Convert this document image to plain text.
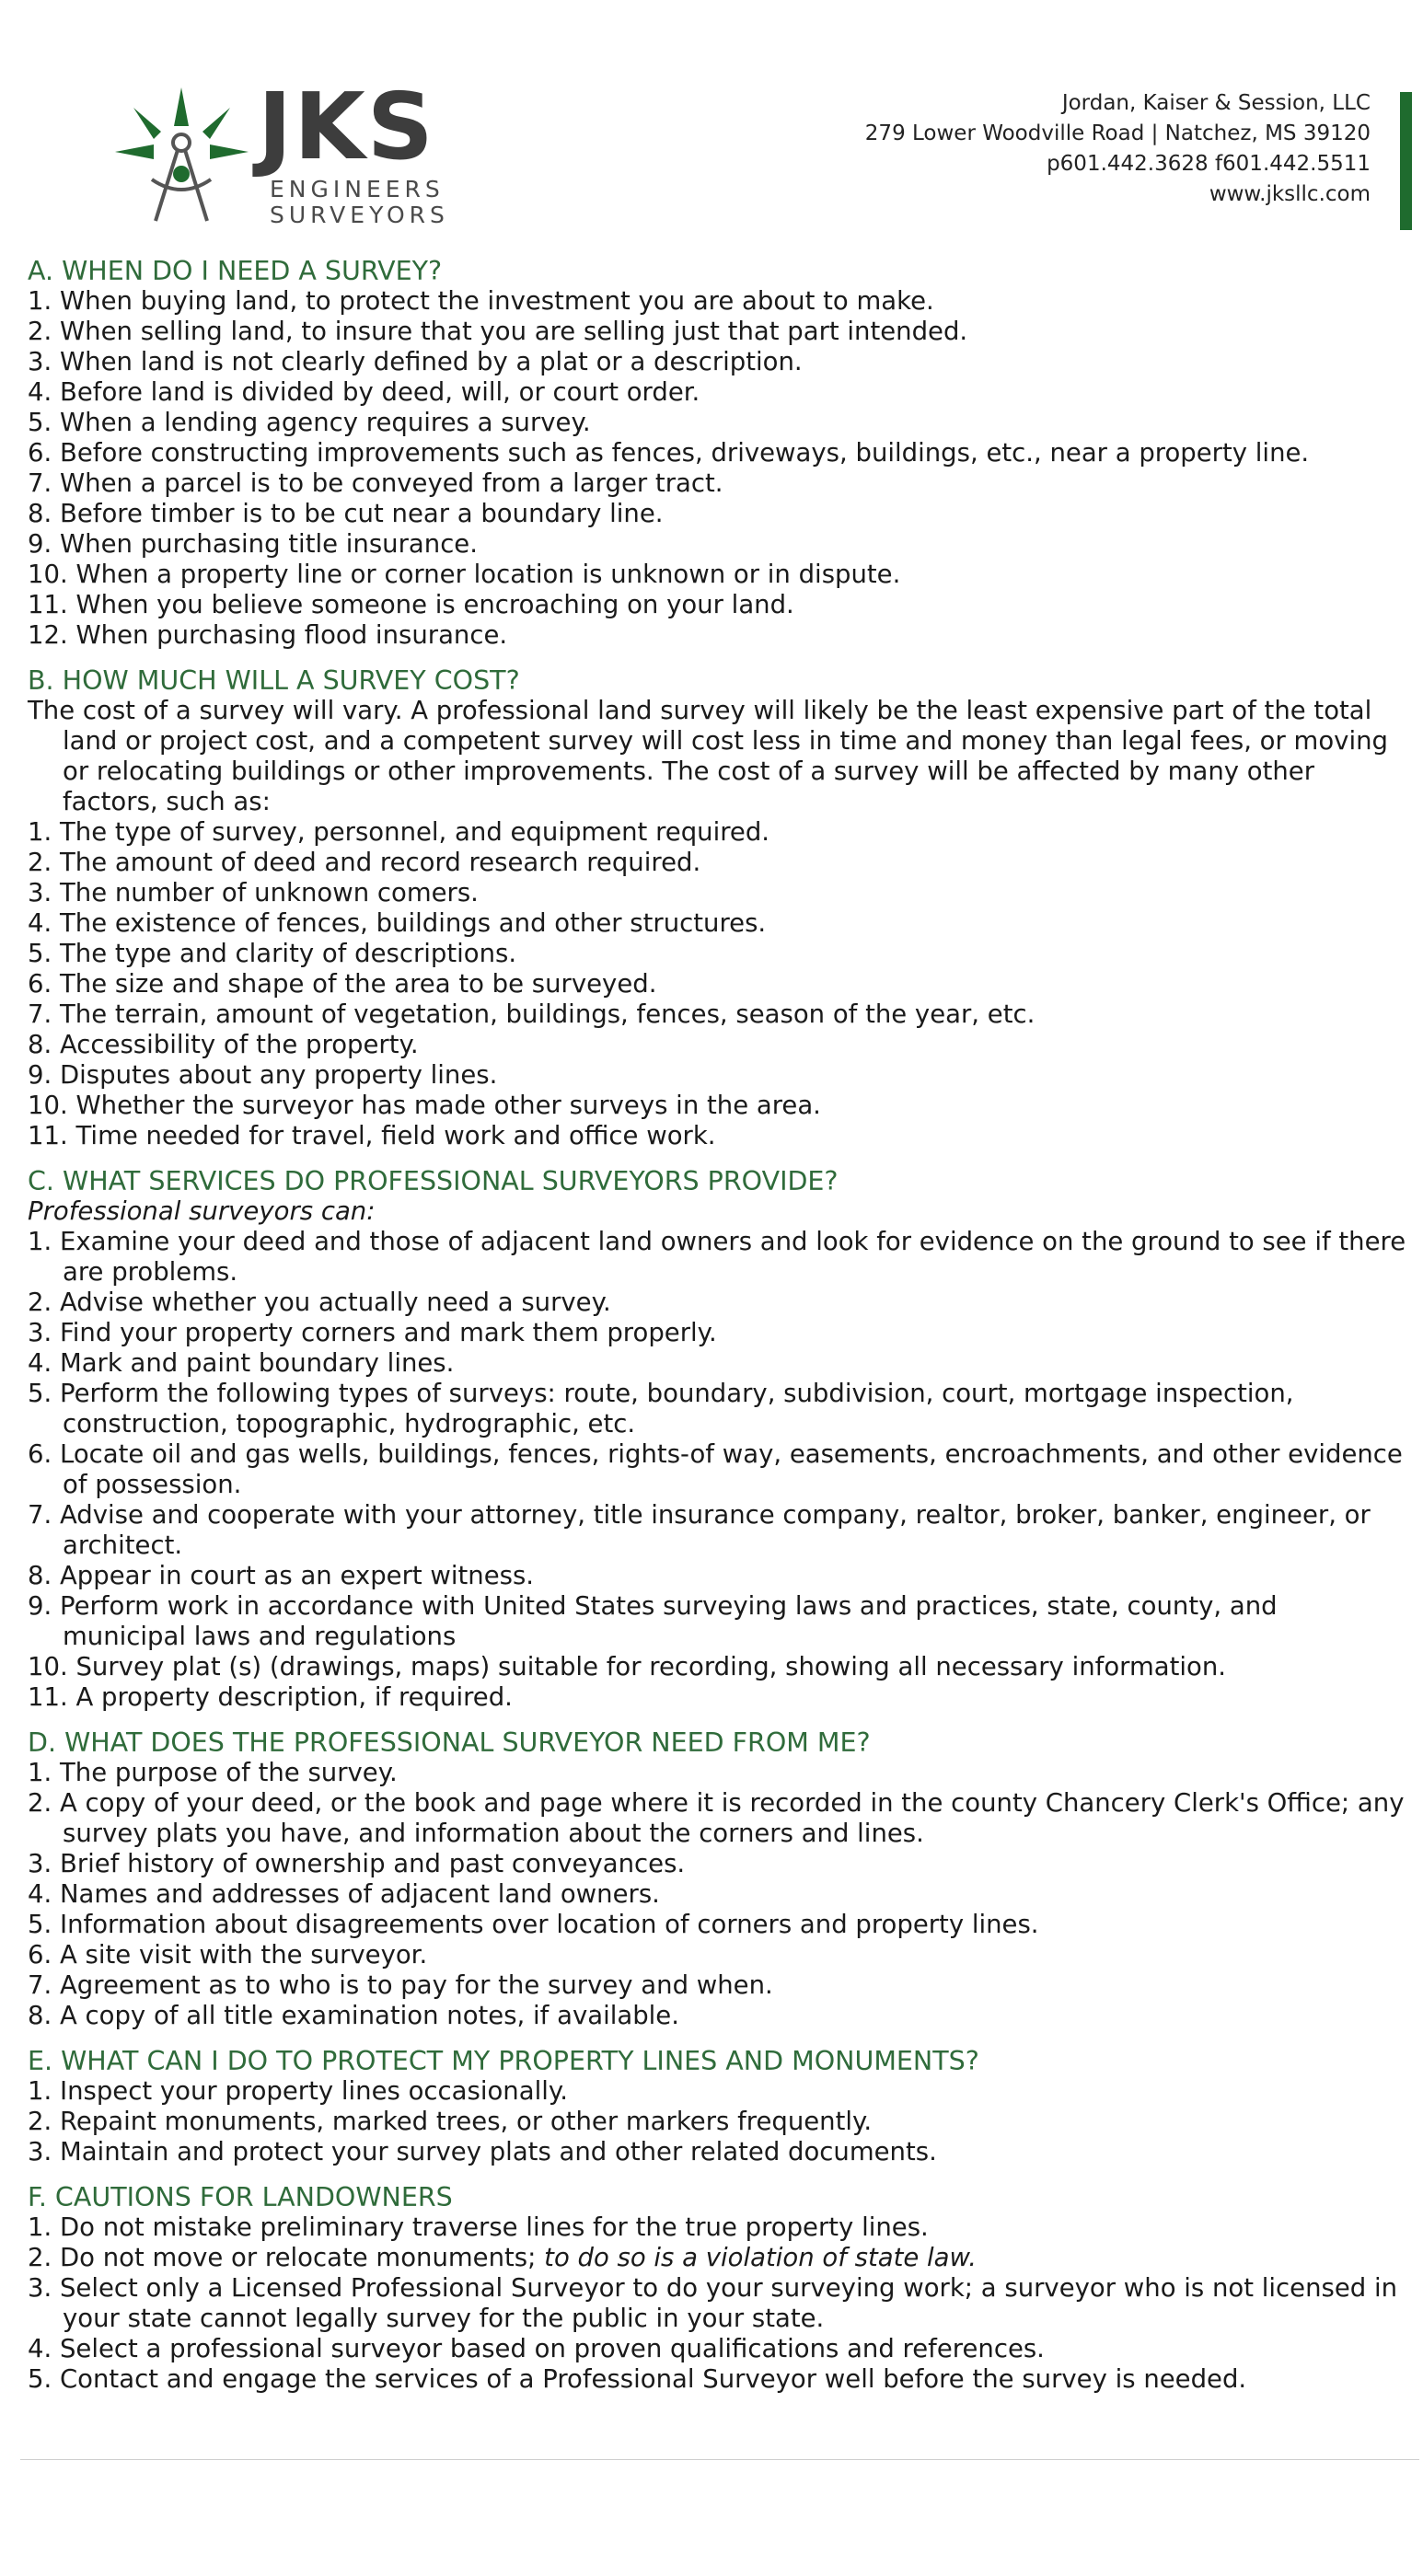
JKS
ENGINEERS
SURVEYORS
Jordan, Kaiser & Session, LLC
279 Lower Woodville Road | Natchez, MS 39120
p601.442.3628 f601.442.5511
www.jksllc.com
A. WHEN DO I NEED A SURVEY?
1. When buying land, to protect the investment you are about to make.
2. When selling land, to insure that you are selling just that part intended.
3. When land is not clearly defined by a plat or a description.
4. Before land is divided by deed, will, or court order.
5. When a lending agency requires a survey.
6. Before constructing improvements such as fences, driveways, buildings, etc., near a property line.
7. When a parcel is to be conveyed from a larger tract.
8. Before timber is to be cut near a boundary line.
9. When purchasing title insurance.
10. When a property line or corner location is unknown or in dispute.
11. When you believe someone is encroaching on your land.
12. When purchasing flood insurance.
B. HOW MUCH WILL A SURVEY COST?

The cost of a survey will vary. A professional land survey will likely be the least expensive part of the total land or project cost, and a competent survey will cost less in time and money than legal fees, or moving or relocating buildings or other improvements. The cost of a survey will be affected by many other factors, such as:

1. The type of survey, personnel, and equipment required.
2. The amount of deed and record research required.
3. The number of unknown comers.
4. The existence of fences, buildings and other structures.
5. The type and clarity of descriptions.
6. The size and shape of the area to be surveyed.
7. The terrain, amount of vegetation, buildings, fences, season of the year, etc.
8. Accessibility of the property.
9. Disputes about any property lines.
10. Whether the surveyor has made other surveys in the area.
11. Time needed for travel, field work and office work.
C. WHAT SERVICES DO PROFESSIONAL SURVEYORS PROVIDE?

Professional surveyors can:

1. Examine your deed and those of adjacent land owners and look for evidence on the ground to see if there are problems.
2. Advise whether you actually need a survey.
3. Find your property corners and mark them properly.
4. Mark and paint boundary lines.
5. Perform the following types of surveys: route, boundary, subdivision, court, mortgage inspection, construction, topographic, hydrographic, etc.
6. Locate oil and gas wells, buildings, fences, rights-of way, easements, encroachments, and other evidence of possession.
7. Advise and cooperate with your attorney, title insurance company, realtor, broker, banker, engineer, or architect.
8. Appear in court as an expert witness.
9. Perform work in accordance with United States surveying laws and practices, state, county, and municipal laws and regulations
10. Survey plat (s) (drawings, maps) suitable for recording, showing all necessary information.
11. A property description, if required.
D. WHAT DOES THE PROFESSIONAL SURVEYOR NEED FROM ME?
1. The purpose of the survey.
2. A copy of your deed, or the book and page where it is recorded in the county Chancery Clerk's Office; any survey plats you have, and information about the corners and lines.
3. Brief history of ownership and past conveyances.
4. Names and addresses of adjacent land owners.
5. Information about disagreements over location of corners and property lines.
6. A site visit with the surveyor.
7. Agreement as to who is to pay for the survey and when.
8. A copy of all title examination notes, if available.
E. WHAT CAN I DO TO PROTECT MY PROPERTY LINES AND MONUMENTS?
1. Inspect your property lines occasionally.
2. Repaint monuments, marked trees, or other markers frequently.
3. Maintain and protect your survey plats and other related documents.
F. CAUTIONS FOR LANDOWNERS
1. Do not mistake preliminary traverse lines for the true property lines.
2. Do not move or relocate monuments; to do so is a violation of state law.
3. Select only a Licensed Professional Surveyor to do your surveying work; a surveyor who is not licensed in your state cannot legally survey for the public in your state.
4. Select a professional surveyor based on proven qualifications and references.
5. Contact and engage the services of a Professional Surveyor well before the survey is needed.
